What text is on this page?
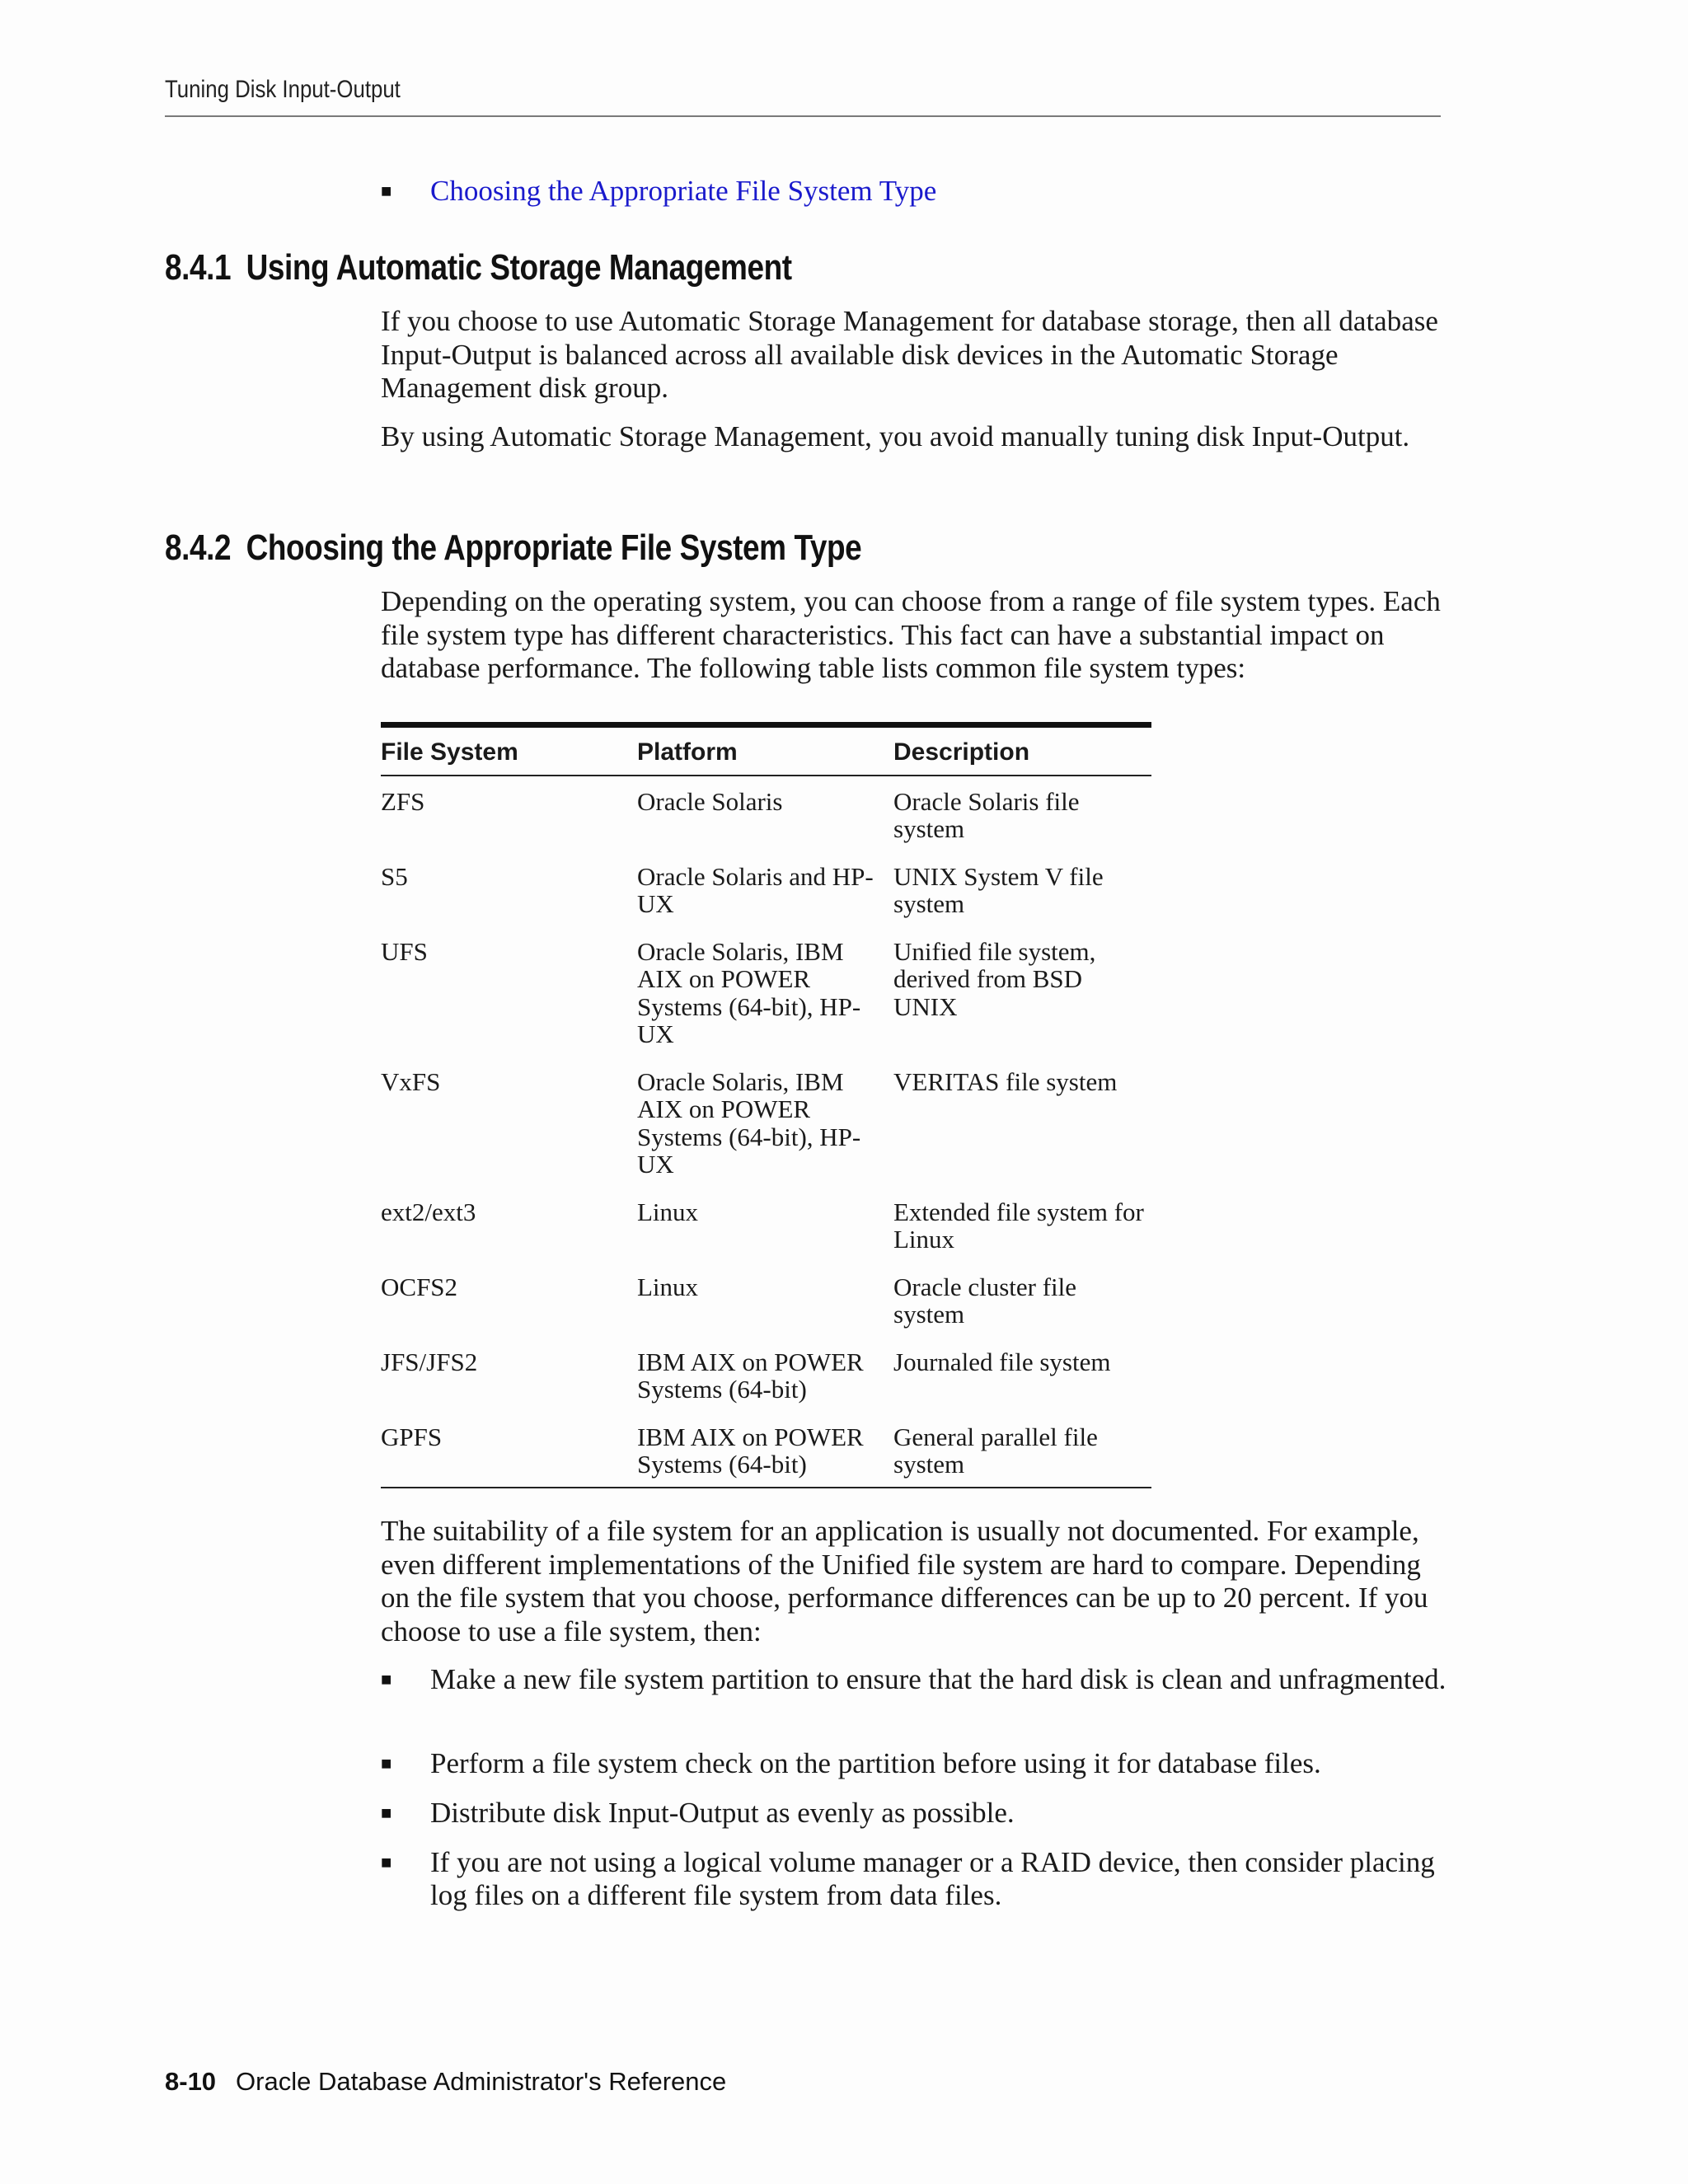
Tuning Disk Input-Output
■	Choosing the Appropriate File System Type
8.4.1 Using Automatic Storage Management

If you choose to use Automatic Storage Management for database storage, then all database Input-Output is balanced across all available disk devices in the Automatic Storage Management disk group.

By using Automatic Storage Management, you avoid manually tuning disk Input-Output.

8.4.2 Choosing the Appropriate File System Type

Depending on the operating system, you can choose from a range of file system types. Each file system type has different characteristics. This fact can have a substantial impact on database performance. The following table lists common file system types:

File System	Platform	Description
ZFS	Oracle Solaris	Oracle Solaris file system
S5	Oracle Solaris and HP-UX	UNIX System V file system
UFS	Oracle Solaris, IBM AIX on POWER Systems (64-bit), HP-UX	Unified file system, derived from BSD UNIX
VxFS	Oracle Solaris, IBM AIX on POWER Systems (64-bit), HP-UX	VERITAS file system
ext2/ext3	Linux	Extended file system for Linux
OCFS2	Linux	Oracle cluster file system
JFS/JFS2	IBM AIX on POWER Systems (64-bit)	Journaled file system
GPFS	IBM AIX on POWER Systems (64-bit)	General parallel file system

The suitability of a file system for an application is usually not documented. For example, even different implementations of the Unified file system are hard to compare. Depending on the file system that you choose, performance differences can be up to 20 percent. If you choose to use a file system, then:

■	Make a new file system partition to ensure that the hard disk is clean and unfragmented.
■	Perform a file system check on the partition before using it for database files.
■	Distribute disk Input-Output as evenly as possible.
■	If you are not using a logical volume manager or a RAID device, then consider placing log files on a different file system from data files.
8-10 Oracle Database Administrator's Reference
